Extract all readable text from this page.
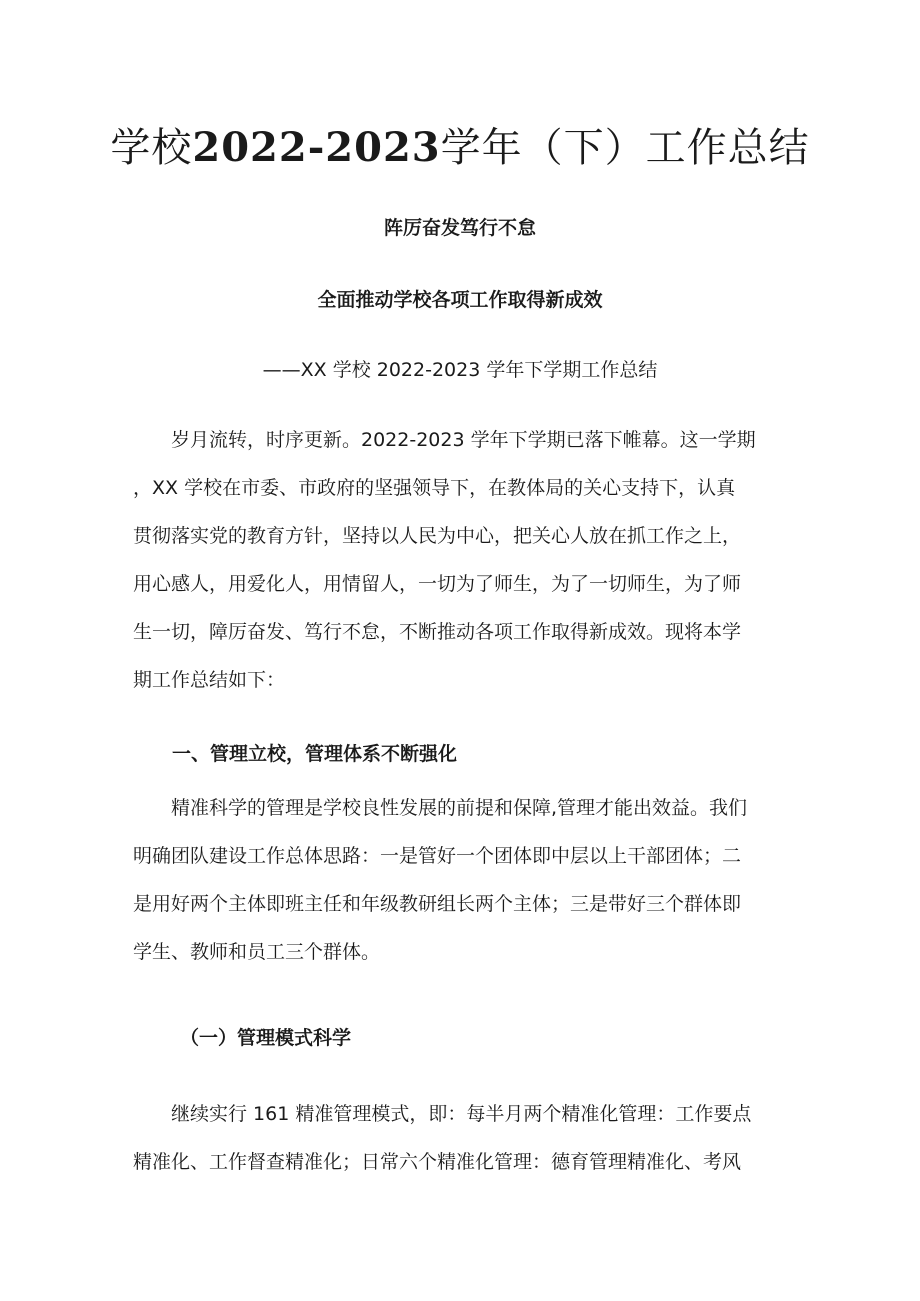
学校2022-2023学年（下）工作总结
阵厉奋发笃行不怠
全面推动学校各项工作取得新成效
——XX 学校 2022-2023 学年下学期工作总结
　　岁月流转，时序更新。2022-2023 学年下学期已落下帷幕。这一学期
，XX 学校在市委、市政府的坚强领导下，在教体局的关心支持下，认真
贯彻落实党的教育方针，坚持以人民为中心，把关心人放在抓工作之上，
用心感人，用爱化人，用情留人，一切为了师生，为了一切师生，为了师
生一切，障厉奋发、笃行不怠，不断推动各项工作取得新成效。现将本学
期工作总结如下：
一、管理立校，管理体系不断强化
　　精准科学的管理是学校良性发展的前提和保障,管理才能出效益。我们
明确团队建设工作总体思路：一是管好一个团体即中层以上干部团体；二
是用好两个主体即班主任和年级教研组长两个主体；三是带好三个群体即
学生、教师和员工三个群体。
（一）管理模式科学
　　继续实行 161 精准管理模式，即：每半月两个精准化管理：工作要点
精准化、工作督查精准化；日常六个精准化管理：德育管理精准化、考风
